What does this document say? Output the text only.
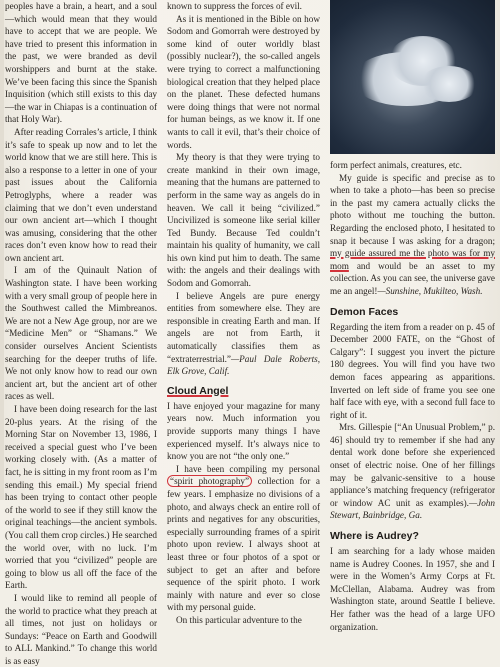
peoples have a brain, a heart, and a soul—which would mean that they would have to accept that we are people. We have tried to present this information in the past, we were branded as devil worshippers and burnt at the stake. We’ve been facing this since the Spanish Inquisition (which still exists to this day—the war in Chiapas is a continuation of that Holy War).

After reading Corrales’s article, I think it’s safe to speak up now and to let the world know that we are still here. This is also a response to a letter in one of your past issues about the California Petroglyphs, where a reader was claiming that we don’t even understand our own ancient art—which I thought was amusing, considering that the other races don’t even know how to read their own ancient art.

I am of the Quinault Nation of Washington state. I have been working with a very small group of people here in the Southwest called the Mimbreanos. We are not a New Age group, nor are we “Medicine Men” or “Shamans.” We consider ourselves Ancient Scientists searching for the deeper truths of life. We not only know how to read our own ancient art, but the ancient art of other races as well.

I have been doing research for the last 20-plus years. At the rising of the Morning Star on November 13, 1986, I received a special guest who I’ve been working closely with. (As a matter of fact, he is sitting in my front room as I’m sending this email.) My special friend has been trying to contact other people of the world to see if they still know the original teachings—the ancient symbols. (You call them crop circles.) He searched the world over, with no luck. I’m worried that you “civilized” people are going to blow us all off the face of the Earth.

I would like to remind all people of the world to practice what they preach at all times, not just on holidays or Sundays: “Peace on Earth and Goodwill to ALL Mankind.” To change this world is as easy

known to suppress the forces of evil.

As it is mentioned in the Bible on how Sodom and Gomorrah were destroyed by some kind of outer worldly blast (possibly nuclear?), the so-called angels were trying to correct a malfunctioning biological creation that they helped place on the planet. These defected humans were doing things that were not normal for human beings, as we know it. If one wants to call it evil, that’s their choice of words.

My theory is that they were trying to create mankind in their own image, meaning that the humans are patterned to perform in the same way as angels do in heaven. We call it being “civilized.” Uncivilized is someone like serial killer Ted Bundy. Because Ted couldn’t maintain his quality of humanity, we call his own kind put him to death. The same with: the angels and their dealings with Sodom and Gomorrah.

I believe Angels are pure energy entities from somewhere else. They are responsible in creating Earth and man. If angels are not from Earth, it automatically classifies them as “extraterrestrial.”—Paul Dale Roberts, Elk Grove, Calif.

Cloud Angel

I have enjoyed your magazine for many years now. Much information you provide supports many things I have experienced myself. It’s always nice to know you are not “the only one.”

I have been compiling my personal “spirit photography” collection for a few years. I emphasize no divisions of a photo, and always check an entire roll of prints and negatives for any obscurities, especially surrounding frames of a spirit photo upon review. I always shoot at least three or four photos of a spot or subject to get an after and before sequence of the spirit photo. I work mainly with nature and ever so close with my personal guide.

On this particular adventure to the

form perfect animals, creatures, etc.

My guide is specific and precise as to when to take a photo—has been so precise in the past my camera actually clicks the photo without me touching the button. Regarding the enclosed photo, I hesitated to snap it because I was asking for a dragon; my guide assured me the photo was for my mom and would be an asset to my collection. As you can see, the universe gave me an angel!—Sunshine, Mukilteo, Wash.

Demon Faces

Regarding the item from a reader on p. 45 of December 2000 FATE, on the “Ghost of Calgary”: I suggest you invert the picture 180 degrees. You will find you have two demon faces appearing as apparitions. Inverted on left side of frame you see one half face with eye, with a second full face to right of it.

Mrs. Gillespie [“An Unusual Problem,” p. 46] should try to remember if she had any dental work done before she experienced onset of electric noise. One of her fillings may be galvanic-sensitive to a house appliance’s matching frequency (refrigerator or window AC unit as examples).—John Stewart, Bainbridge, Ga.

Where is Audrey?

I am searching for a lady whose maiden name is Audrey Coones. In 1957, she and I were in the Women’s Army Corps at Ft. McClellan, Alabama. Audrey was from Washington state, around Seattle I believe. Her father was the head of a large UFO organization.
